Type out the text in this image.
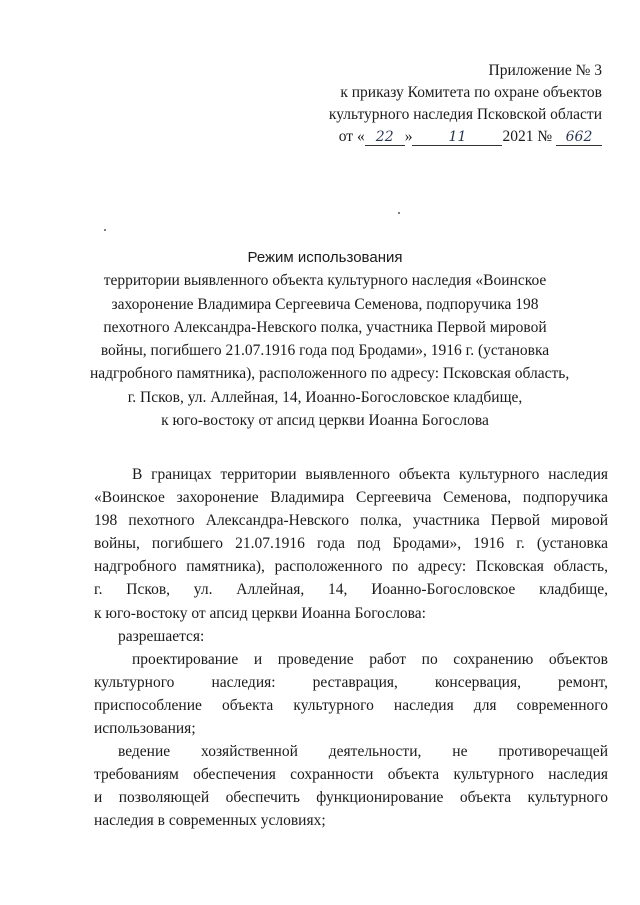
Приложение № 3
к приказу Комитета по охране объектов
культурного наследия Псковской области
от « 22 »	11 2021 № 662
Режим использования
территории выявленного объекта культурного наследия «Воинское
захоронение Владимира Сергеевича Семенова, подпоручика 198
пехотного Александра-Невского полка, участника Первой мировой
войны, погибшего 21.07.1916 года под Бродами», 1916 г. (установка
надгробного памятника), расположенного по адресу: Псковская область,
г. Псков, ул. Аллейная, 14, Иоанно-Богословское кладбище,
к юго-востоку от апсид церкви Иоанна Богослова
В границах территории выявленного объекта культурного наследия
«Воинское захоронение Владимира Сергеевича Семенова, подпоручика
198 пехотного Александра-Невского полка, участника Первой мировой
войны, погибшего 21.07.1916 года под Бродами», 1916 г. (установка
надгробного памятника), расположенного по адресу: Псковская область,
г. Псков, ул. Аллейная, 14, Иоанно-Богословское кладбище,
к юго-востоку от апсид церкви Иоанна Богослова:
разрешается:
проектирование и проведение работ по сохранению объектов
культурного наследия: реставрация, консервация, ремонт,
приспособление объекта культурного наследия для современного
использования;
ведение хозяйственной деятельности, не противоречащей
требованиям обеспечения сохранности объекта культурного наследия
и позволяющей обеспечить функционирование объекта культурного
наследия в современных условиях;
